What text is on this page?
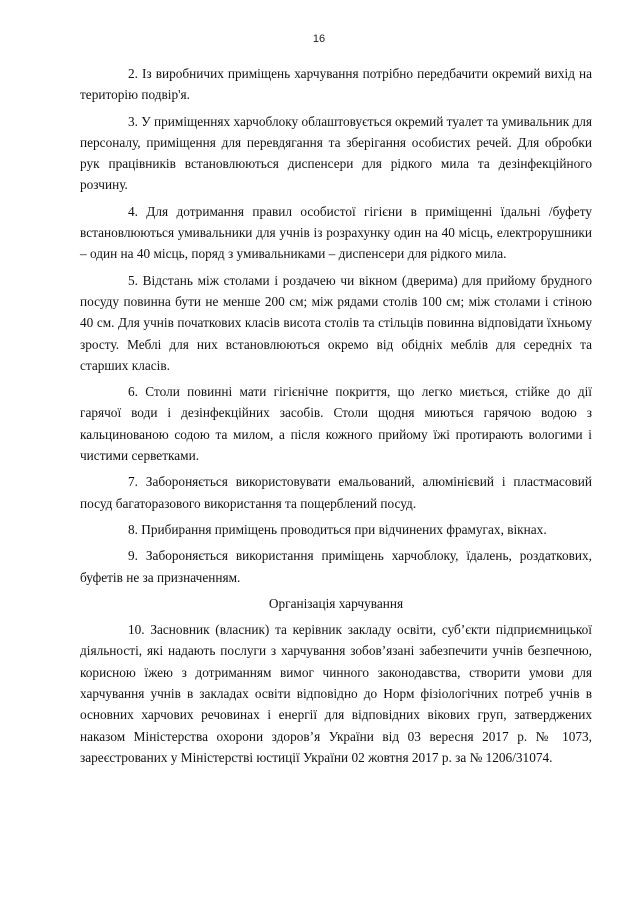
16

2. Із виробничих приміщень харчування потрібно передбачити окремий вихід на територію подвір'я.

3. У приміщеннях харчоблоку облаштовується окремий туалет та умивальник для персоналу, приміщення для перевдягання та зберігання особистих речей. Для обробки рук працівників встановлюються диспенсери для рідкого мила та дезінфекційного розчину.

4. Для дотримання правил особистої гігієни в приміщенні їдальні /буфету встановлюються умивальники для учнів із розрахунку один на 40 місць, електрорушники – один на 40 місць, поряд з умивальниками – диспенсери для рідкого мила.

5. Відстань між столами і роздачею чи вікном (дверима) для прийому брудного посуду повинна бути не менше 200 см; між рядами столів 100 см; між столами і стіною 40 см. Для учнів початкових класів висота столів та стільців повинна відповідати їхньому зросту. Меблі для них встановлюються окремо від обідніх меблів для середніх та старших класів.

6. Столи повинні мати гігієнічне покриття, що легко миється, стійке до дії гарячої води і дезінфекційних засобів. Столи щодня миються гарячою водою з кальцинованою содою та милом, а після кожного прийому їжі протирають вологими і чистими серветками.

7. Забороняється використовувати емальований, алюмінієвий і пластмасовий посуд багаторазового використання та пощерблений посуд.

8. Прибирання приміщень проводиться при відчинених фрамугах, вікнах.

9. Забороняється використання приміщень харчоблоку, їдалень, роздаткових, буфетів не за призначенням.

Організація харчування

10. Засновник (власник) та керівник закладу освіти, суб’єкти підприємницької діяльності, які надають послуги з харчування зобов’язані забезпечити учнів безпечною, корисною їжею з дотриманням вимог чинного законодавства, створити умови для харчування учнів в закладах освіти відповідно до Норм фізіологічних потреб учнів в основних харчових речовинах і енергії для відповідних вікових груп, затверджених наказом Міністерства охорони здоров’я України від 03 вересня 2017 р. № 1073, зареєстрованих у Міністерстві юстиції України 02 жовтня 2017 р. за № 1206/31074.
